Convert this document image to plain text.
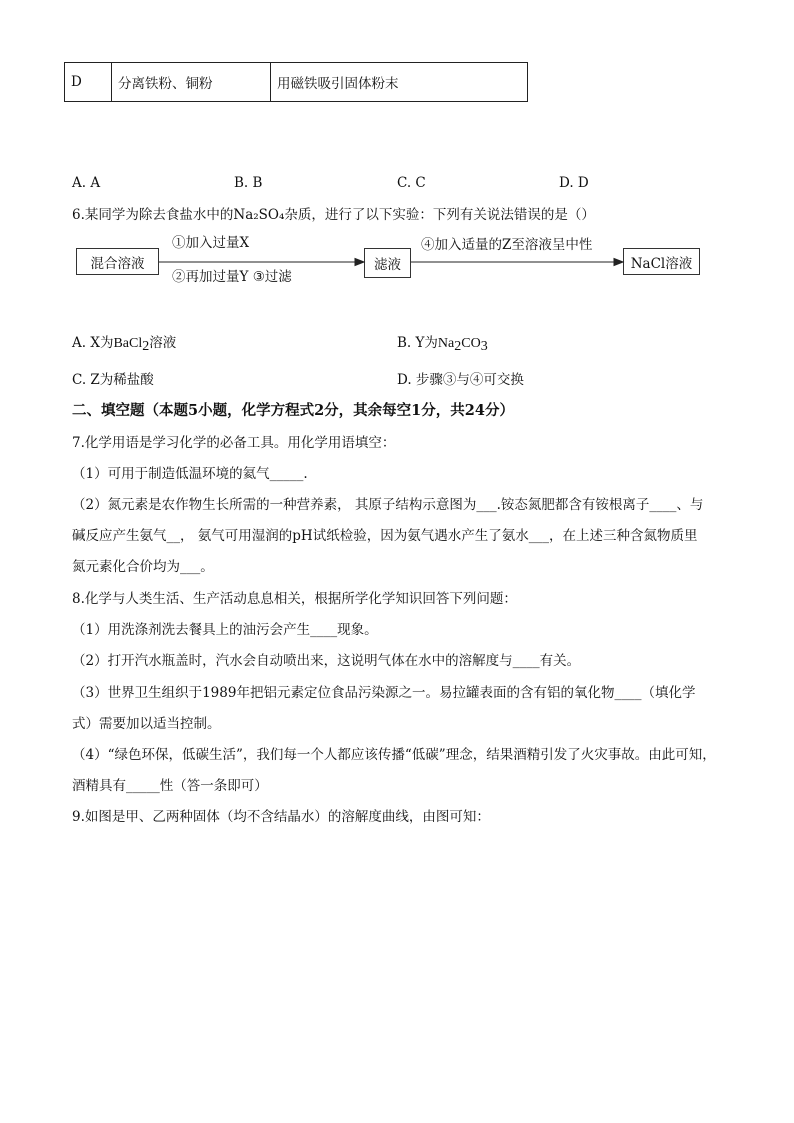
D	分离铁粉、铜粉	用磁铁吸引固体粉末
A. A	B. B	C. C	D. D
6.某同学为除去食盐水中的Na₂SO₄杂质，进行了以下实验：下列有关说法错误的是（）
混合溶液
①加入过量X
②再加过量Y ③过滤
滤液
④加入适量的Z至溶液呈中性
NaCl溶液
A. X为BaCl2溶液	B. Y为Na2CO3
C. Z为稀盐酸	D. 步骤③与④可交换
二、填空题（本题5小题，化学方程式2分，其余每空1分，共24分）
7.化学用语是学习化学的必备工具。用化学用语填空：
（1）可用于制造低温环境的氦气_____.
（2）氮元素是农作物生长所需的一种营养素， 其原子结构示意图为___.铵态氮肥都含有铵根离子____、与
碱反应产生氨气__， 氨气可用湿润的pH试纸检验，因为氨气遇水产生了氨水___，在上述三种含氮物质里
氮元素化合价均为___。
8.化学与人类生活、生产活动息息相关，根据所学化学知识回答下列问题：
（1）用洗涤剂洗去餐具上的油污会产生____现象。
（2）打开汽水瓶盖时，汽水会自动喷出来，这说明气体在水中的溶解度与____有关。
（3）世界卫生组织于1989年把铝元素定位食品污染源之一。易拉罐表面的含有铝的氧化物____（填化学
式）需要加以适当控制。
（4）“绿色环保，低碳生活”，我们每一个人都应该传播“低碳”理念，结果酒精引发了火灾事故。由此可知，
酒精具有_____性（答一条即可）
9.如图是甲、乙两种固体（均不含结晶水）的溶解度曲线，由图可知：
